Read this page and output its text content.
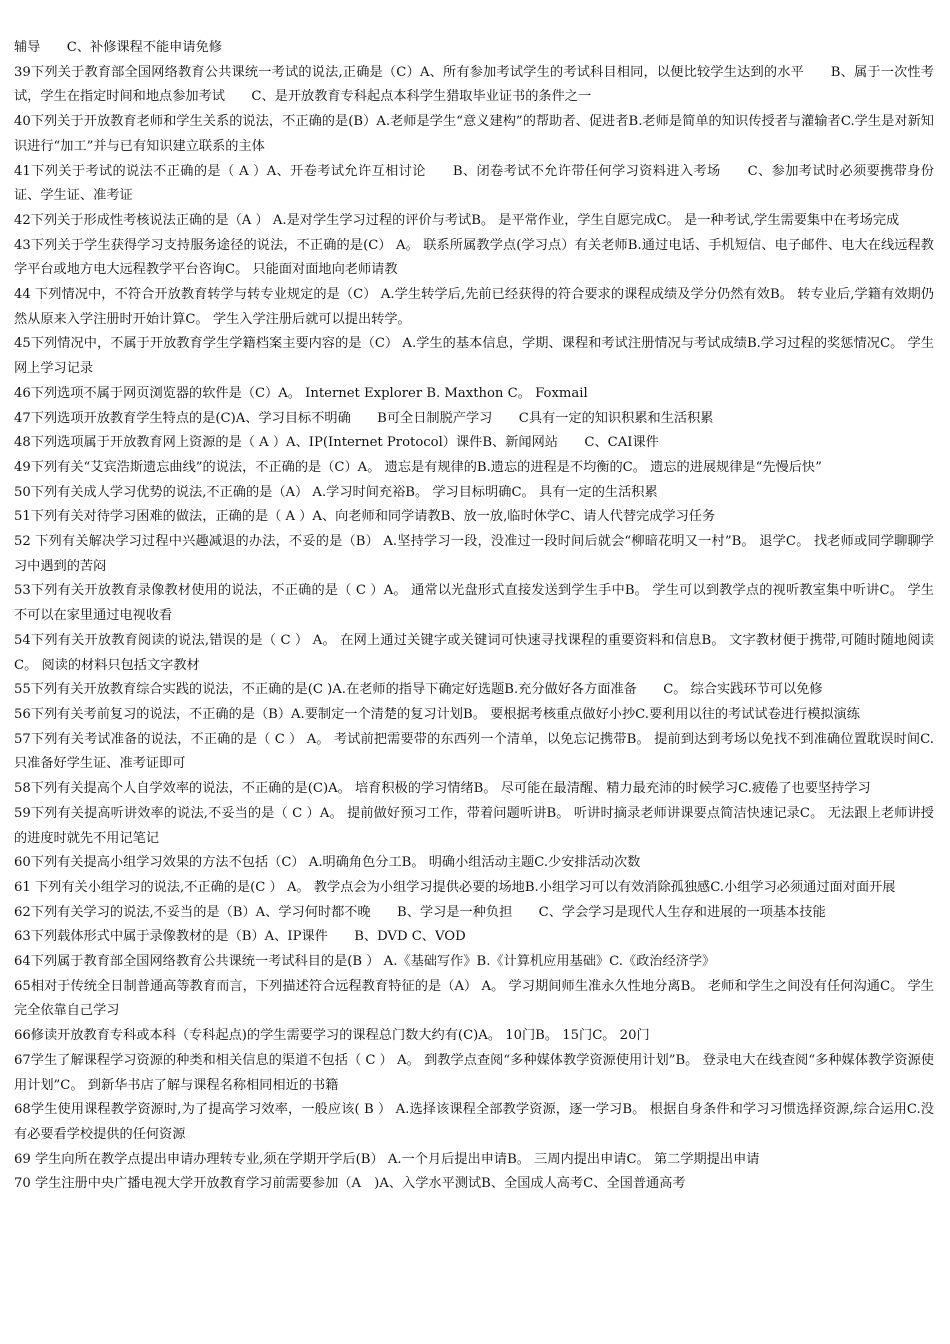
辅导　　C、补修课程不能申请免修

39下列关于教育部全国网络教育公共课统一考试的说法,正确是（C）A、所有参加考试学生的考试科目相同，以便比较学生达到的水平　　B、属于一次性考试，学生在指定时间和地点参加考试　　C、是开放教育专科起点本科学生猎取毕业证书的条件之一

40下列关于开放教育老师和学生关系的说法，不正确的是(B）A.老师是学生“意义建构”的帮助者、促进者B.老师是简单的知识传授者与灌输者C.学生是对新知识进行“加工”并与已有知识建立联系的主体

41下列关于考试的说法不正确的是（ A ）A、开卷考试允许互相讨论　　B、闭卷考试不允许带任何学习资料进入考场　　C、参加考试时必须要携带身份证、学生证、准考证

42下列关于形成性考核说法正确的是（A ） A.是对学生学习过程的评价与考试B。 是平常作业，学生自愿完成C。 是一种考试,学生需要集中在考场完成

43下列关于学生获得学习支持服务途径的说法，不正确的是(C） A。 联系所属教学点(学习点）有关老师B.通过电话、手机短信、电子邮件、电大在线远程教学平台或地方电大远程教学平台咨询C。 只能面对面地向老师请教

44 下列情况中，不符合开放教育转学与转专业规定的是（C） A.学生转学后,先前已经获得的符合要求的课程成绩及学分仍然有效B。 转专业后,学籍有效期仍然从原来入学注册时开始计算C。 学生入学注册后就可以提出转学。

45下列情况中，不属于开放教育学生学籍档案主要内容的是（C） A.学生的基本信息，学期、课程和考试注册情况与考试成绩B.学习过程的奖惩情况C。 学生网上学习记录

46下列选项不属于网页浏览器的软件是（C）A。 Internet Explorer B. Maxthon C。 Foxmail

47下列选项开放教育学生特点的是(C)A、学习目标不明确　　B可全日制脱产学习　　C具有一定的知识积累和生活积累

48下列选项属于开放教育网上资源的是（ A ）A、IP(Internet Protocol）课件B、新闻网站　　C、CAI课件

49下列有关“艾宾浩斯遗忘曲线”的说法，不正确的是（C）A。 遗忘是有规律的B.遗忘的进程是不均衡的C。 遗忘的进展规律是“先慢后快”

50下列有关成人学习优势的说法,不正确的是（A） A.学习时间充裕B。 学习目标明确C。 具有一定的生活积累

51下列有关对待学习困难的做法，正确的是（ A ）A、向老师和同学请教B、放一放,临时休学C、请人代替完成学习任务

52 下列有关解决学习过程中兴趣减退的办法，不妥的是（B） A.坚持学习一段，没准过一段时间后就会“柳暗花明又一村”B。 退学C。 找老师或同学聊聊学习中遇到的苦闷

53下列有关开放教育录像教材使用的说法，不正确的是（ C ）A。 通常以光盘形式直接发送到学生手中B。 学生可以到教学点的视听教室集中听讲C。 学生不可以在家里通过电视收看

54下列有关开放教育阅读的说法,错误的是（ C ） A。 在网上通过关键字或关键词可快速寻找课程的重要资料和信息B。 文字教材便于携带,可随时随地阅读C。 阅读的材料只包括文字教材

55下列有关开放教育综合实践的说法，不正确的是(C )A.在老师的指导下确定好选题B.充分做好各方面准备　　C。 综合实践环节可以免修

56下列有关考前复习的说法，不正确的是（B）A.要制定一个清楚的复习计划B。 要根据考核重点做好小抄C.要利用以往的考试试卷进行模拟演练

57下列有关考试准备的说法，不正确的是（ C ） A。 考试前把需要带的东西列一个清单，以免忘记携带B。 提前到达到考场以免找不到准确位置耽误时间C.只准备好学生证、准考证即可

58下列有关提高个人自学效率的说法，不正确的是(C)A。 培育积极的学习情绪B。 尽可能在最清醒、精力最充沛的时候学习C.疲倦了也要坚持学习

59下列有关提高听讲效率的说法,不妥当的是（ C ）A。 提前做好预习工作，带着问题听讲B。 听讲时摘录老师讲课要点简洁快速记录C。 无法跟上老师讲授的进度时就先不用记笔记

60下列有关提高小组学习效果的方法不包括（C） A.明确角色分工B。 明确小组活动主题C.少安排活动次数

61 下列有关小组学习的说法,不正确的是(C ） A。 教学点会为小组学习提供必要的场地B.小组学习可以有效消除孤独感C.小组学习必须通过面对面开展

62下列有关学习的说法,不妥当的是（B）A、学习何时都不晚　　B、学习是一种负担　　C、学会学习是现代人生存和进展的一项基本技能

63下列载体形式中属于录像教材的是（B）A、IP课件　　B、DVD C、VOD

64下列属于教育部全国网络教育公共课统一考试科目的是(B ） A.《基础写作》B.《计算机应用基础》C.《政治经济学》

65相对于传统全日制普通高等教育而言，下列描述符合远程教育特征的是（A） A。 学习期间师生准永久性地分离B。 老师和学生之间没有任何沟通C。 学生完全依靠自己学习

66修读开放教育专科或本科（专科起点)的学生需要学习的课程总门数大约有(C)A。 10门B。 15门C。 20门

67学生了解课程学习资源的种类和相关信息的渠道不包括（ C ） A。 到教学点查阅“多种媒体教学资源使用计划”B。 登录电大在线查阅“多种媒体教学资源使用计划”C。 到新华书店了解与课程名称相同相近的书籍

68学生使用课程教学资源时,为了提高学习效率，一般应该( B ） A.选择该课程全部教学资源，逐一学习B。 根据自身条件和学习习惯选择资源,综合运用C.没有必要看学校提供的任何资源

69 学生向所在教学点提出申请办理转专业,须在学期开学后(B） A.一个月后提出申请B。 三周内提出申请C。 第二学期提出申请

70 学生注册中央广播电视大学开放教育学习前需要参加（A　)A、入学水平测试B、全国成人高考C、全国普通高考
